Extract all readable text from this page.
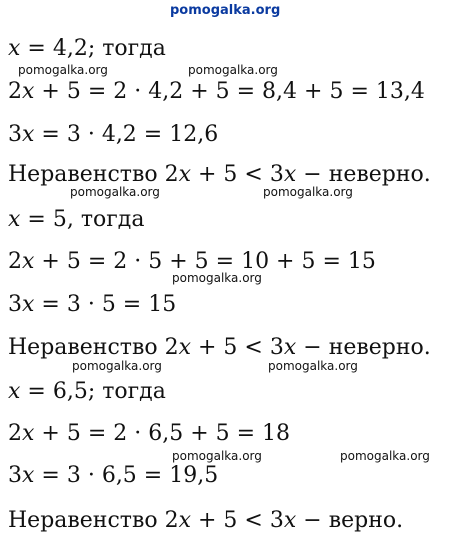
pomogalka.org
x = 4,2; тогда
pomogalka.org	pomogalka.org
2x + 5 = 2 · 4,2 + 5 = 8,4 + 5 = 13,4
3x = 3 · 4,2 = 12,6
Неравенство 2x + 5 < 3x − неверно.
pomogalka.org	pomogalka.org
x = 5, тогда
2x + 5 = 2 · 5 + 5 = 10 + 5 = 15
pomogalka.org
3x = 3 · 5 = 15
Неравенство 2x + 5 < 3x − неверно.
pomogalka.org	pomogalka.org
x = 6,5; тогда
2x + 5 = 2 · 6,5 + 5 = 18
pomogalka.org	pomogalka.org
3x = 3 · 6,5 = 19,5
Неравенство 2x + 5 < 3x − верно.
